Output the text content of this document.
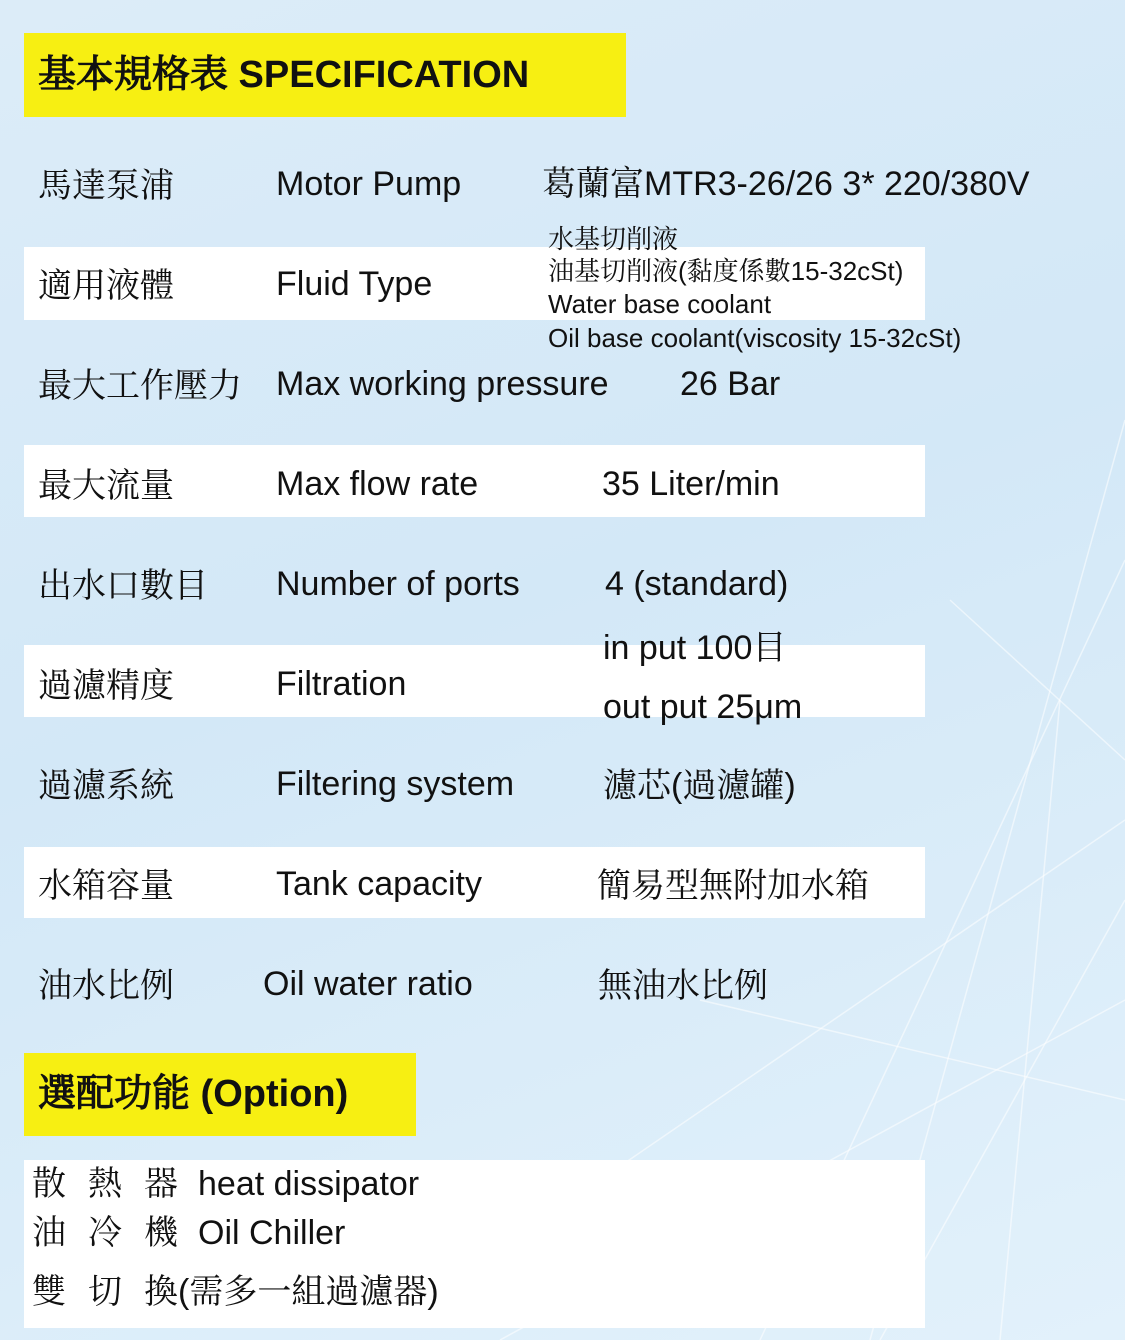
基本規格表 SPECIFICATION
馬達泵浦	Motor Pump 葛蘭富MTR3-26/26 3* 220/380V
適用液體	Fluid Type
水基切削液
油基切削液(黏度係數15-32cSt)
Water base coolant
Oil base coolant(viscosity 15-32cSt)
最大工作壓力 Max working pressure 26 Bar
最大流量	Max flow rate	35 Liter/min
出水口數目 Number of ports	4 (standard)
過濾精度	Filtration
in put 100目
out put 25μm
過濾系統	Filtering system	濾芯(過濾罐)
水箱容量	Tank capacity	簡易型無附加水箱
油水比例	Oil water ratio	無油水比例
選配功能 (Option)
散 熱 器 heat dissipator
油 冷 機 Oil Chiller
雙 切 換(需多一組過濾器)
